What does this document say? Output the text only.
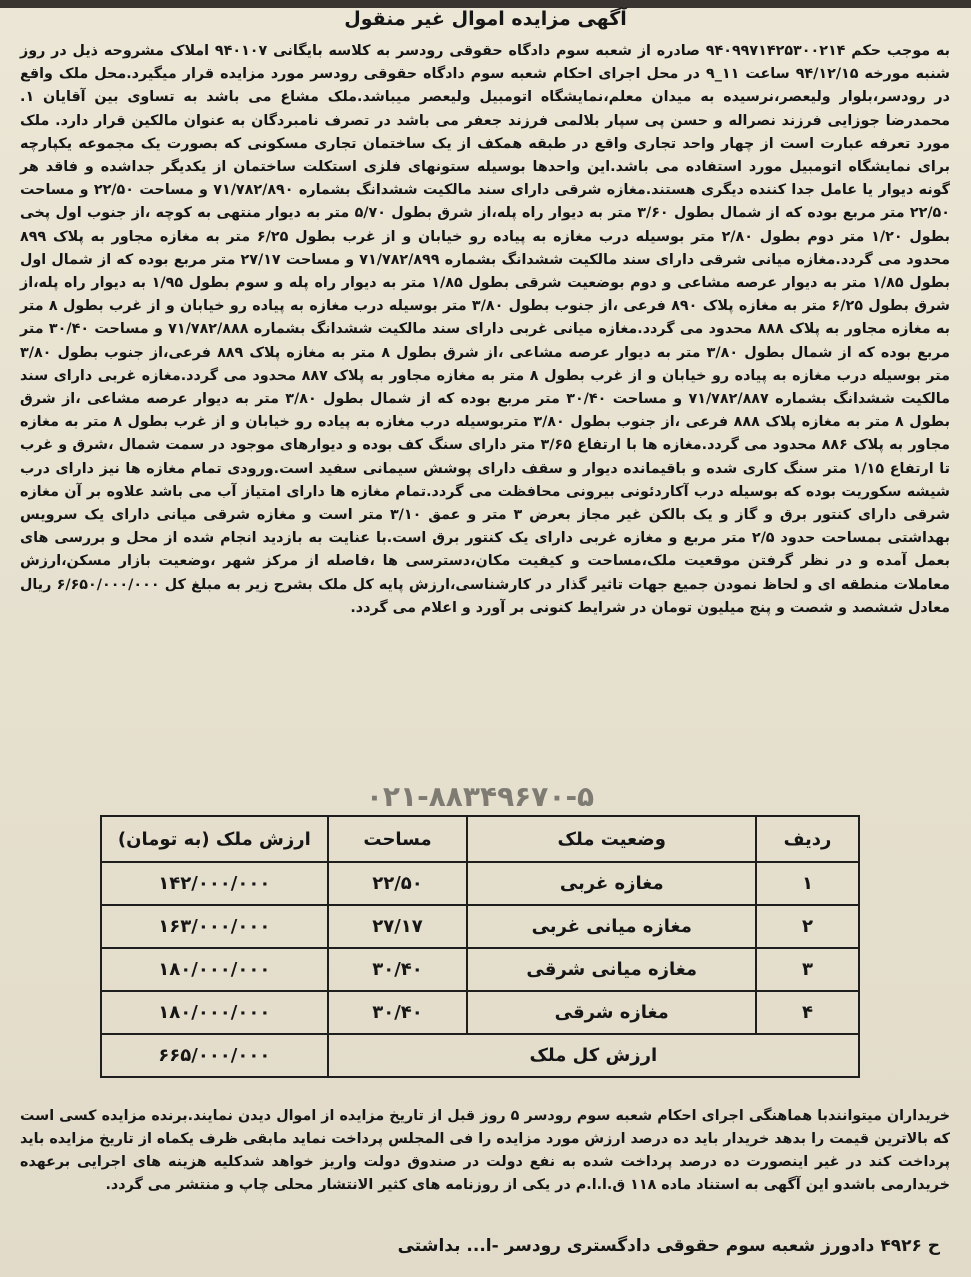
آگهی مزایده اموال غیر منقول
به موجب حکم ۹۴۰۹۹۷۱۴۲۵۳۰۰۲۱۴ صادره از شعبه سوم دادگاه حقوقی رودسر به کلاسه بایگانی ۹۴۰۱۰۷ املاک مشروحه ذیل در روز شنبه مورخه ۹۴/۱۲/۱۵ ساعت ۱۱_۹ در محل اجرای احکام شعبه سوم دادگاه حقوقی رودسر مورد مزایده قرار میگیرد.محل ملک واقع در رودسر،بلوار ولیعصر،نرسیده به میدان معلم،نمایشگاه اتومبیل ولیعصر میباشد.ملک مشاع می باشد به تساوی بین آقایان ۱. محمدرضا جوزایی فرزند نصراله و حسن پی سپار بلالمی فرزند جعفر می باشد در تصرف نامبردگان به عنوان مالکین قرار دارد. ملک مورد تعرفه عبارت است از چهار واحد تجاری واقع در طبقه همکف از یک ساختمان تجاری مسکونی که بصورت یک مجموعه یکپارچه برای نمایشگاه اتومبیل مورد استفاده می باشد.این واحدها بوسیله ستونهای فلزی استکلت ساختمان از یکدیگر جداشده و فاقد هر گونه دیوار یا عامل جدا کننده دیگری هستند.مغازه شرقی دارای سند مالکیت ششدانگ بشماره ۷۱/۷۸۲/۸۹۰ و مساحت ۲۲/۵۰ و مساحت ۲۲/۵۰ متر مربع بوده که از شمال بطول ۳/۶۰ متر به دیوار راه پله،از شرق بطول ۵/۷۰ متر به دیوار منتهی به کوچه ،از جنوب اول پخی بطول ۱/۲۰ متر دوم بطول ۲/۸۰ متر بوسیله درب مغازه به پیاده رو خیابان و از غرب بطول ۶/۲۵ متر به مغازه مجاور به پلاک ۸۹۹ محدود می گردد.مغازه میانی شرقی دارای سند مالکیت ششدانگ بشماره ۷۱/۷۸۲/۸۹۹ و مساحت ۲۷/۱۷ متر مربع بوده که از شمال اول بطول ۱/۸۵ متر به دیوار عرصه مشاعی و دوم بوضعیت شرقی بطول ۱/۸۵ متر به دیوار راه پله و سوم بطول ۱/۹۵ به دیوار راه پله،از شرق بطول ۶/۲۵ متر به مغازه پلاک ۸۹۰ فرعی ،از جنوب بطول ۳/۸۰ متر بوسیله درب مغازه به پیاده رو خیابان و از غرب بطول ۸ متر به مغازه مجاور به پلاک ۸۸۸ محدود می گردد.مغازه میانی غربی دارای سند مالکیت ششدانگ بشماره ۷۱/۷۸۲/۸۸۸ و مساحت ۳۰/۴۰ متر مربع بوده که از شمال بطول ۳/۸۰ متر به دیوار عرصه مشاعی ،از شرق بطول ۸ متر به مغازه پلاک ۸۸۹ فرعی،از جنوب بطول ۳/۸۰ متر بوسیله درب مغازه به پیاده رو خیابان و از غرب بطول ۸ متر به مغازه مجاور به پلاک ۸۸۷ محدود می گردد.مغازه غربی دارای سند مالکیت ششدانگ بشماره ۷۱/۷۸۲/۸۸۷ و مساحت ۳۰/۴۰ متر مربع بوده که از شمال بطول ۳/۸۰ متر به دیوار عرصه مشاعی ،از شرق بطول ۸ متر به مغازه پلاک ۸۸۸ فرعی ،از جنوب بطول ۳/۸۰ متربوسیله درب مغازه به پیاده رو خیابان و از غرب بطول ۸ متر به مغازه مجاور به پلاک ۸۸۶ محدود می گردد.مغازه ها با ارتفاع ۳/۶۵ متر دارای سنگ کف بوده و دیوارهای موجود در سمت شمال ،شرق و غرب تا ارتفاع ۱/۱۵ متر سنگ کاری شده و باقیمانده دیوار و سقف دارای پوشش سیمانی سفید است.ورودی تمام مغازه ها نیز دارای درب شیشه سکوریت بوده که بوسیله درب آکاردئونی بیرونی محافظت می گردد.تمام مغازه ها دارای امتیاز آب می باشد علاوه بر آن مغازه شرقی دارای کنتور برق و گاز و یک بالکن غیر مجاز بعرض ۳ متر و عمق ۳/۱۰ متر است و مغازه شرقی میانی دارای یک سرویس بهداشتی بمساحت حدود ۲/۵ متر مربع و مغازه غربی دارای یک کنتور برق است.با عنایت به بازدید انجام شده از محل و بررسی های بعمل آمده و در نظر گرفتن موقعیت ملک،مساحت و کیفیت مکان،دسترسی ها ،فاصله از مرکز شهر ،وضعیت بازار مسکن،ارزش معاملات منطقه ای و لحاظ نمودن جمیع جهات تاثیر گذار در کارشناسی،ارزش پایه کل ملک بشرح زیر به مبلغ کل ۶/۶۵۰/۰۰۰/۰۰۰ ریال معادل ششصد و شصت و پنج میلیون تومان در شرایط کنونی بر آورد و اعلام می گردد.
۰۲۱-۸۸۳۴۹۶۷۰-۵
ردیف	وضعیت ملک	مساحت	ارزش ملک (به تومان)
۱	مغازه غربی	۲۲/۵۰	۱۴۲/۰۰۰/۰۰۰
۲	مغازه میانی غربی	۲۷/۱۷	۱۶۳/۰۰۰/۰۰۰
۳	مغازه میانی شرقی	۳۰/۴۰	۱۸۰/۰۰۰/۰۰۰
۴	مغازه شرقی	۳۰/۴۰	۱۸۰/۰۰۰/۰۰۰
ارزش کل ملک			۶۶۵/۰۰۰/۰۰۰
خریداران میتوانندبا هماهنگی اجرای احکام شعبه سوم رودسر ۵ روز قبل از تاریخ مزایده از اموال دیدن نمایند.برنده مزایده کسی است که بالاترین قیمت را بدهد خریدار باید ده درصد ارزش مورد مزایده را فی المجلس پرداخت نماید مابقی ظرف یکماه از تاریخ مزایده باید پرداخت کند در غیر اینصورت ده درصد پرداخت شده به نفع دولت در صندوق دولت واریز خواهد شدکلیه هزینه های اجرایی برعهده خریدارمی باشدو این آگهی به استناد ماده ۱۱۸ ق.ا.ا.م در یکی از روزنامه های کثیر الانتشار محلی چاپ و منتشر می گردد.
ح ۴۹۲۶ دادورز شعبه سوم حقوقی دادگستری رودسر -ا... بداشتی
